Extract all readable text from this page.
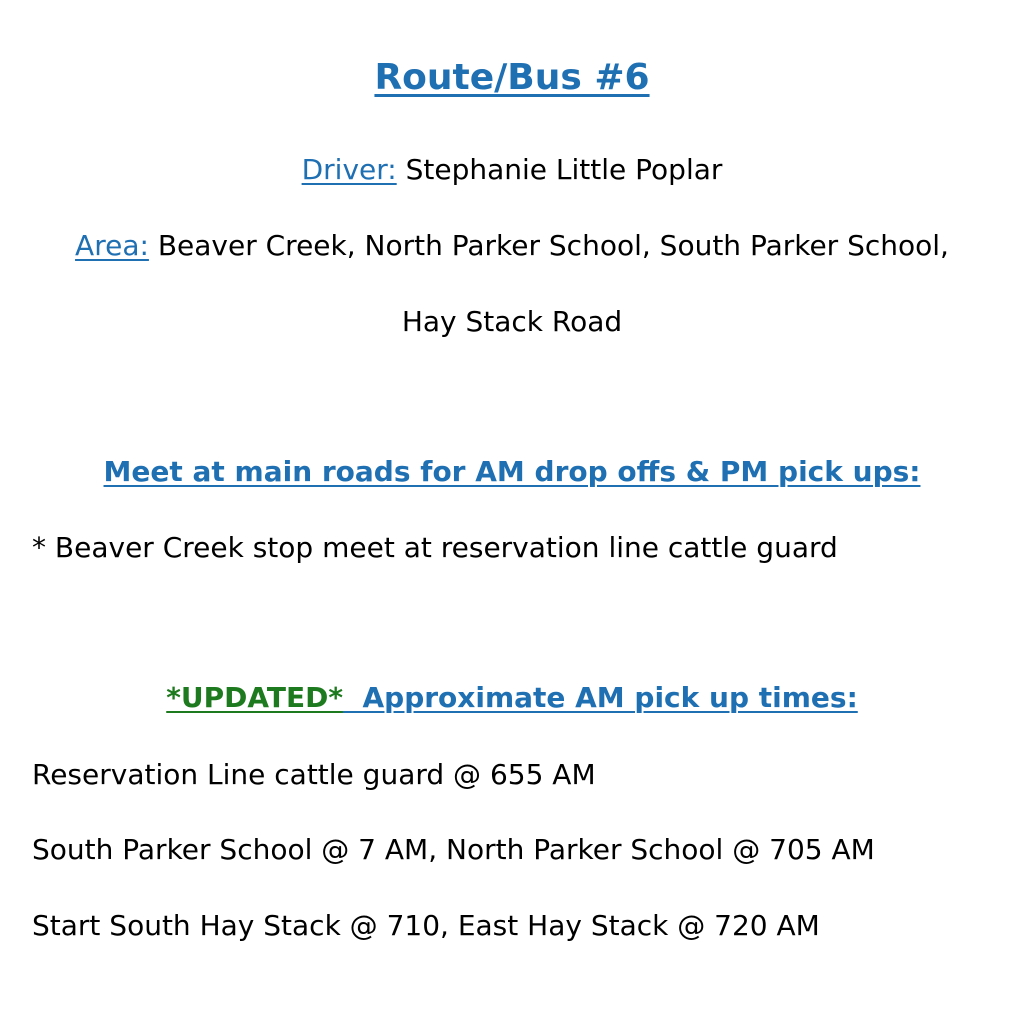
Route/Bus #6
Driver: Stephanie Little Poplar
Area: Beaver Creek, North Parker School, South Parker School,
Hay Stack Road
Meet at main roads for AM drop offs & PM pick ups:
* Beaver Creek stop meet at reservation line cattle guard
*UPDATED* Approximate AM pick up times:
Reservation Line cattle guard @ 655 AM
South Parker School @ 7 AM, North Parker School @ 705 AM
Start South Hay Stack @ 710, East Hay Stack @ 720 AM
